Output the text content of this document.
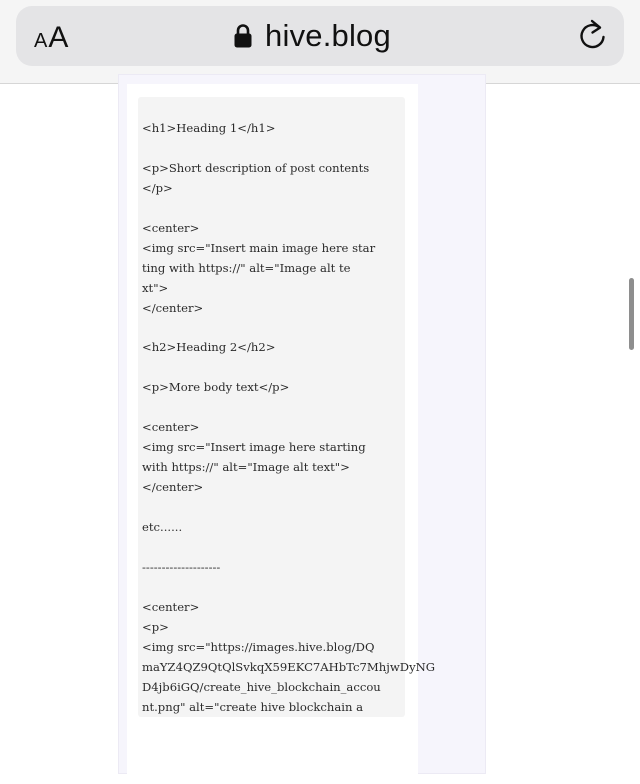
A A	hive.blog
<h1>Heading 1</h1>

<p>Short description of post contents
</p>

<center>
<img src="Insert main image here star
ting with https://" alt="Image alt te
xt">
</center>

<h2>Heading 2</h2>

<p>More body text</p>

<center>
<img src="Insert image here starting
with https://" alt="Image alt text">
</center>

etc......

--------------------

<center>
<p>
<img src="https://images.hive.blog/DQ
maYZ4QZ9QtQlSvkqX59EKC7AHbTc7MhjwDyNG
D4jb6iGQ/create_hive_blockchain_accou
nt.png" alt="create hive blockchain a
